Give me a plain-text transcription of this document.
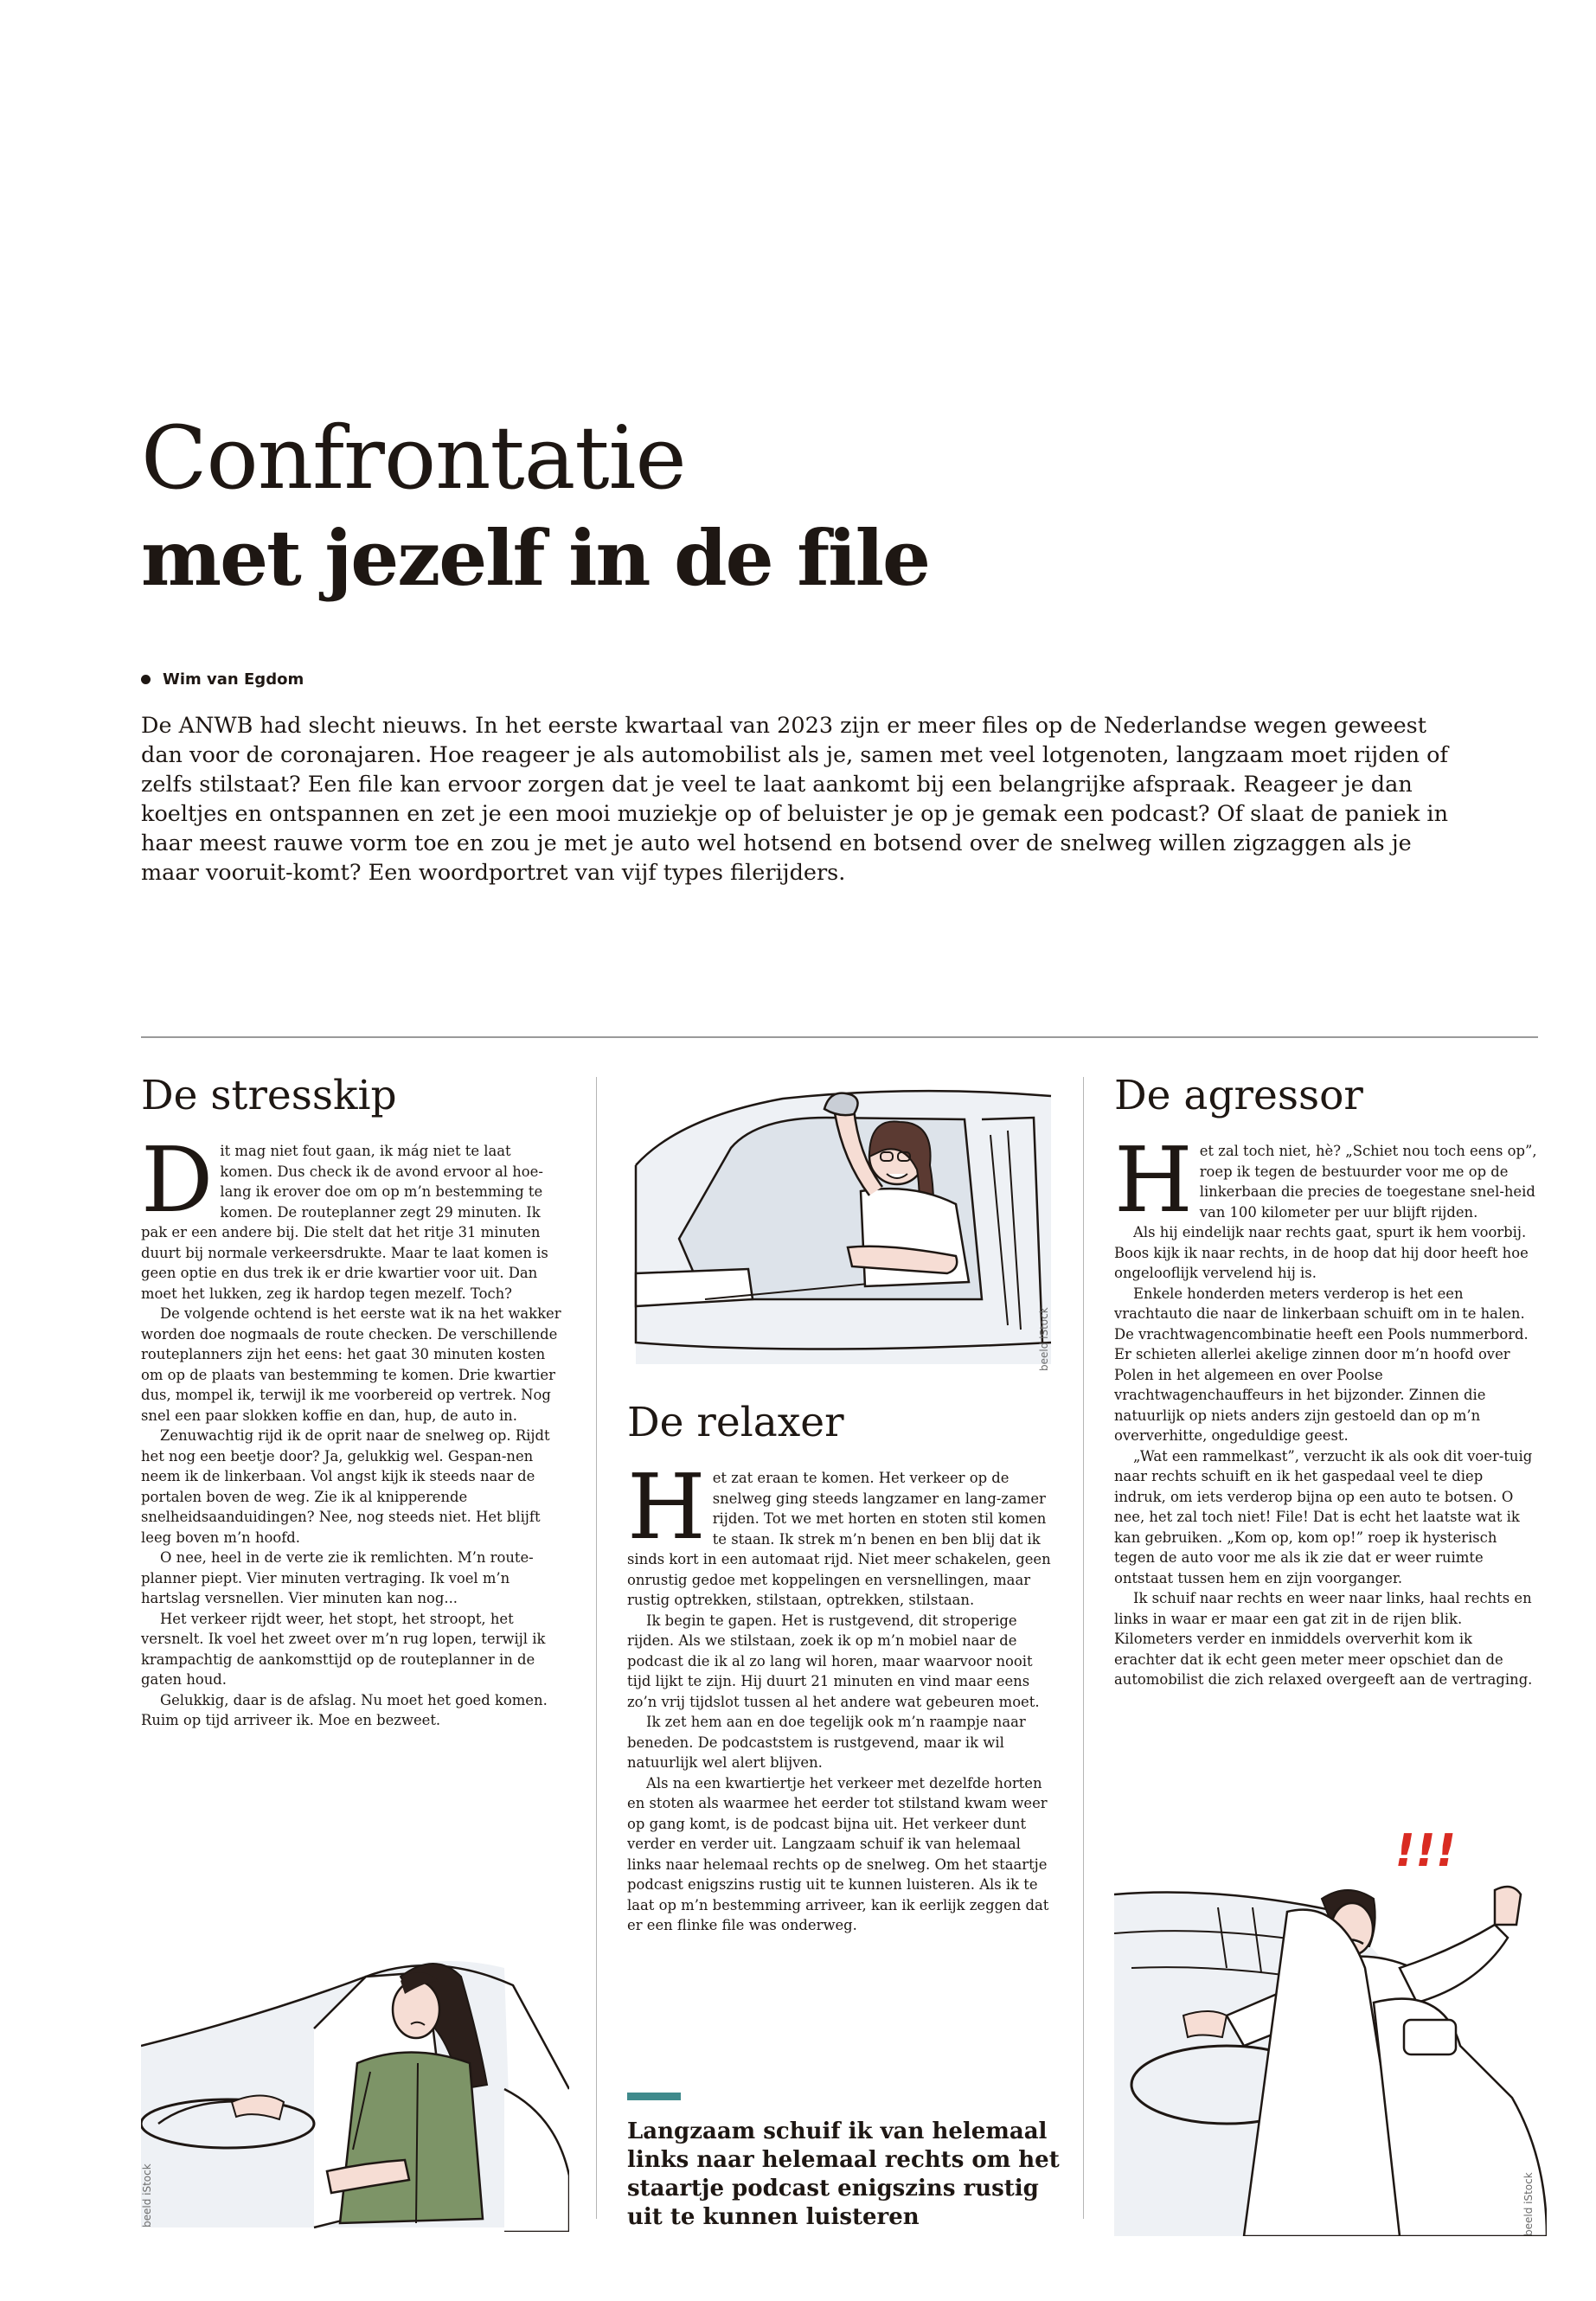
Confrontatie
met jezelf in de file
Wim van Egdom

De ANWB had slecht nieuws. In het eerste kwartaal van 2023 zijn er meer files op de Nederlandse wegen geweest dan voor de coronajaren. Hoe reageer je als automobilist als je, samen met veel lotgenoten, langzaam moet rijden of zelfs stilstaat? Een file kan ervoor zorgen dat je veel te laat aankomt bij een belangrijke afspraak. Reageer je dan koeltjes en ontspannen en zet je een mooi muziekje op of beluister je op je gemak een podcast? Of slaat de paniek in haar meest rauwe vorm toe en zou je met je auto wel hotsend en botsend over de snelweg willen zigzaggen als je maar vooruit-komt? Een woordportret van vijf types filerijders.

De stresskip

Dit mag niet fout gaan, ik mág niet te laat komen. Dus check ik de avond ervoor al hoe-lang ik erover doe om op m’n bestemming te komen. De routeplanner zegt 29 minuten. Ik pak er een andere bij. Die stelt dat het ritje 31 minuten duurt bij normale verkeersdrukte. Maar te laat komen is geen optie en dus trek ik er drie kwartier voor uit. Dan moet het lukken, zeg ik hardop tegen mezelf. Toch?

De volgende ochtend is het eerste wat ik na het wakker worden doe nogmaals de route checken. De verschillende routeplanners zijn het eens: het gaat 30 minuten kosten om op de plaats van bestemming te komen. Drie kwartier dus, mompel ik, terwijl ik me voorbereid op vertrek. Nog snel een paar slokken koffie en dan, hup, de auto in.

Zenuwachtig rijd ik de oprit naar de snelweg op. Rijdt het nog een beetje door? Ja, gelukkig wel. Gespan-nen neem ik de linkerbaan. Vol angst kijk ik steeds naar de portalen boven de weg. Zie ik al knipperende snelheidsaanduidingen? Nee, nog steeds niet. Het blijft leeg boven m’n hoofd.

O nee, heel in de verte zie ik remlichten. M’n route-planner piept. Vier minuten vertraging. Ik voel m’n hartslag versnellen. Vier minuten kan nog...

Het verkeer rijdt weer, het stopt, het stroopt, het versnelt. Ik voel het zweet over m’n rug lopen, terwijl ik krampachtig de aankomsttijd op de routeplanner in de gaten houd.

Gelukkig, daar is de afslag. Nu moet het goed komen. Ruim op tijd arriveer ik. Moe en bezweet.

beeld iStock
De relaxer

Het zat eraan te komen. Het verkeer op de snelweg ging steeds langzamer en lang-zamer rijden. Tot we met horten en stoten stil komen te staan. Ik strek m’n benen en ben blij dat ik sinds kort in een automaat rijd. Niet meer schakelen, geen onrustig gedoe met koppelingen en versnellingen, maar rustig optrekken, stilstaan, optrekken, stilstaan.

Ik begin te gapen. Het is rustgevend, dit stroperige rijden. Als we stilstaan, zoek ik op m’n mobiel naar de podcast die ik al zo lang wil horen, maar waarvoor nooit tijd lijkt te zijn. Hij duurt 21 minuten en vind maar eens zo’n vrij tijdslot tussen al het andere wat gebeuren moet.

Ik zet hem aan en doe tegelijk ook m’n raampje naar beneden. De podcaststem is rustgevend, maar ik wil natuurlijk wel alert blijven.

Als na een kwartiertje het verkeer met dezelfde horten en stoten als waarmee het eerder tot stilstand kwam weer op gang komt, is de podcast bijna uit. Het verkeer dunt verder en verder uit. Langzaam schuif ik van helemaal links naar helemaal rechts op de snelweg. Om het staartje podcast enigszins rustig uit te kunnen luisteren. Als ik te laat op m’n bestemming arriveer, kan ik eerlijk zeggen dat er een flinke file was onderweg.

Langzaam schuif ik van helemaal links naar helemaal rechts om het staartje podcast enigszins rustig uit te kunnen luisteren

De agressor

Het zal toch niet, hè? „Schiet nou toch eens op”, roep ik tegen de bestuurder voor me op de linkerbaan die precies de toegestane snel-heid van 100 kilometer per uur blijft rijden.

Als hij eindelijk naar rechts gaat, spurt ik hem voorbij. Boos kijk ik naar rechts, in de hoop dat hij door heeft hoe ongelooflijk vervelend hij is.

Enkele honderden meters verderop is het een vrachtauto die naar de linkerbaan schuift om in te halen. De vrachtwagencombinatie heeft een Pools nummerbord. Er schieten allerlei akelige zinnen door m’n hoofd over Polen in het algemeen en over Poolse vrachtwagenchauffeurs in het bijzonder. Zinnen die natuurlijk op niets anders zijn gestoeld dan op m’n oververhitte, ongeduldige geest.

„Wat een rammelkast”, verzucht ik als ook dit voer-tuig naar rechts schuift en ik het gaspedaal veel te diep indruk, om iets verderop bijna op een auto te botsen. O nee, het zal toch niet! File! Dat is echt het laatste wat ik kan gebruiken. „Kom op, kom op!” roep ik hysterisch tegen de auto voor me als ik zie dat er weer ruimte ontstaat tussen hem en zijn voorganger.

Ik schuif naar rechts en weer naar links, haal rechts en links in waar er maar een gat zit in de rijen blik. Kilometers verder en inmiddels oververhit kom ik erachter dat ik echt geen meter meer opschiet dan de automobilist die zich relaxed overgeeft aan de vertraging.

beeld iStock
!!!
beeld iStock
